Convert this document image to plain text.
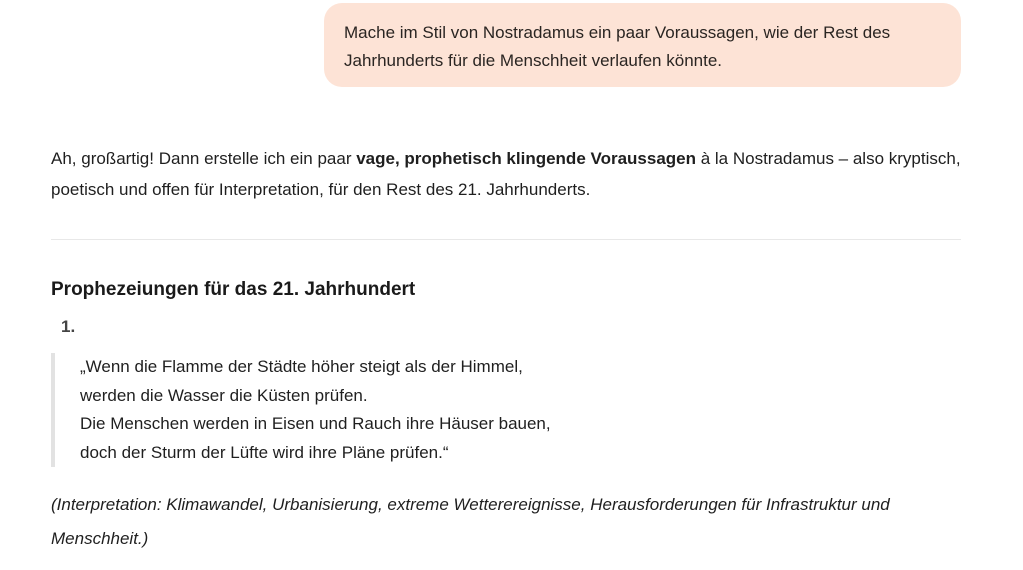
Mache im Stil von Nostradamus ein paar Voraussagen, wie der Rest des Jahrhunderts für die Menschheit verlaufen könnte.

Ah, großartig! Dann erstelle ich ein paar vage, prophetisch klingende Voraussagen à la Nostradamus – also kryptisch, poetisch und offen für Interpretation, für den Rest des 21. Jahrhunderts.

Prophezeiungen für das 21. Jahrhundert
1.
„Wenn die Flamme der Städte höher steigt als der Himmel,
werden die Wasser die Küsten prüfen.
Die Menschen werden in Eisen und Rauch ihre Häuser bauen,
doch der Sturm der Lüfte wird ihre Pläne prüfen.“

(Interpretation: Klimawandel, Urbanisierung, extreme Wetterereignisse, Herausforderungen für Infrastruktur und Menschheit.)
